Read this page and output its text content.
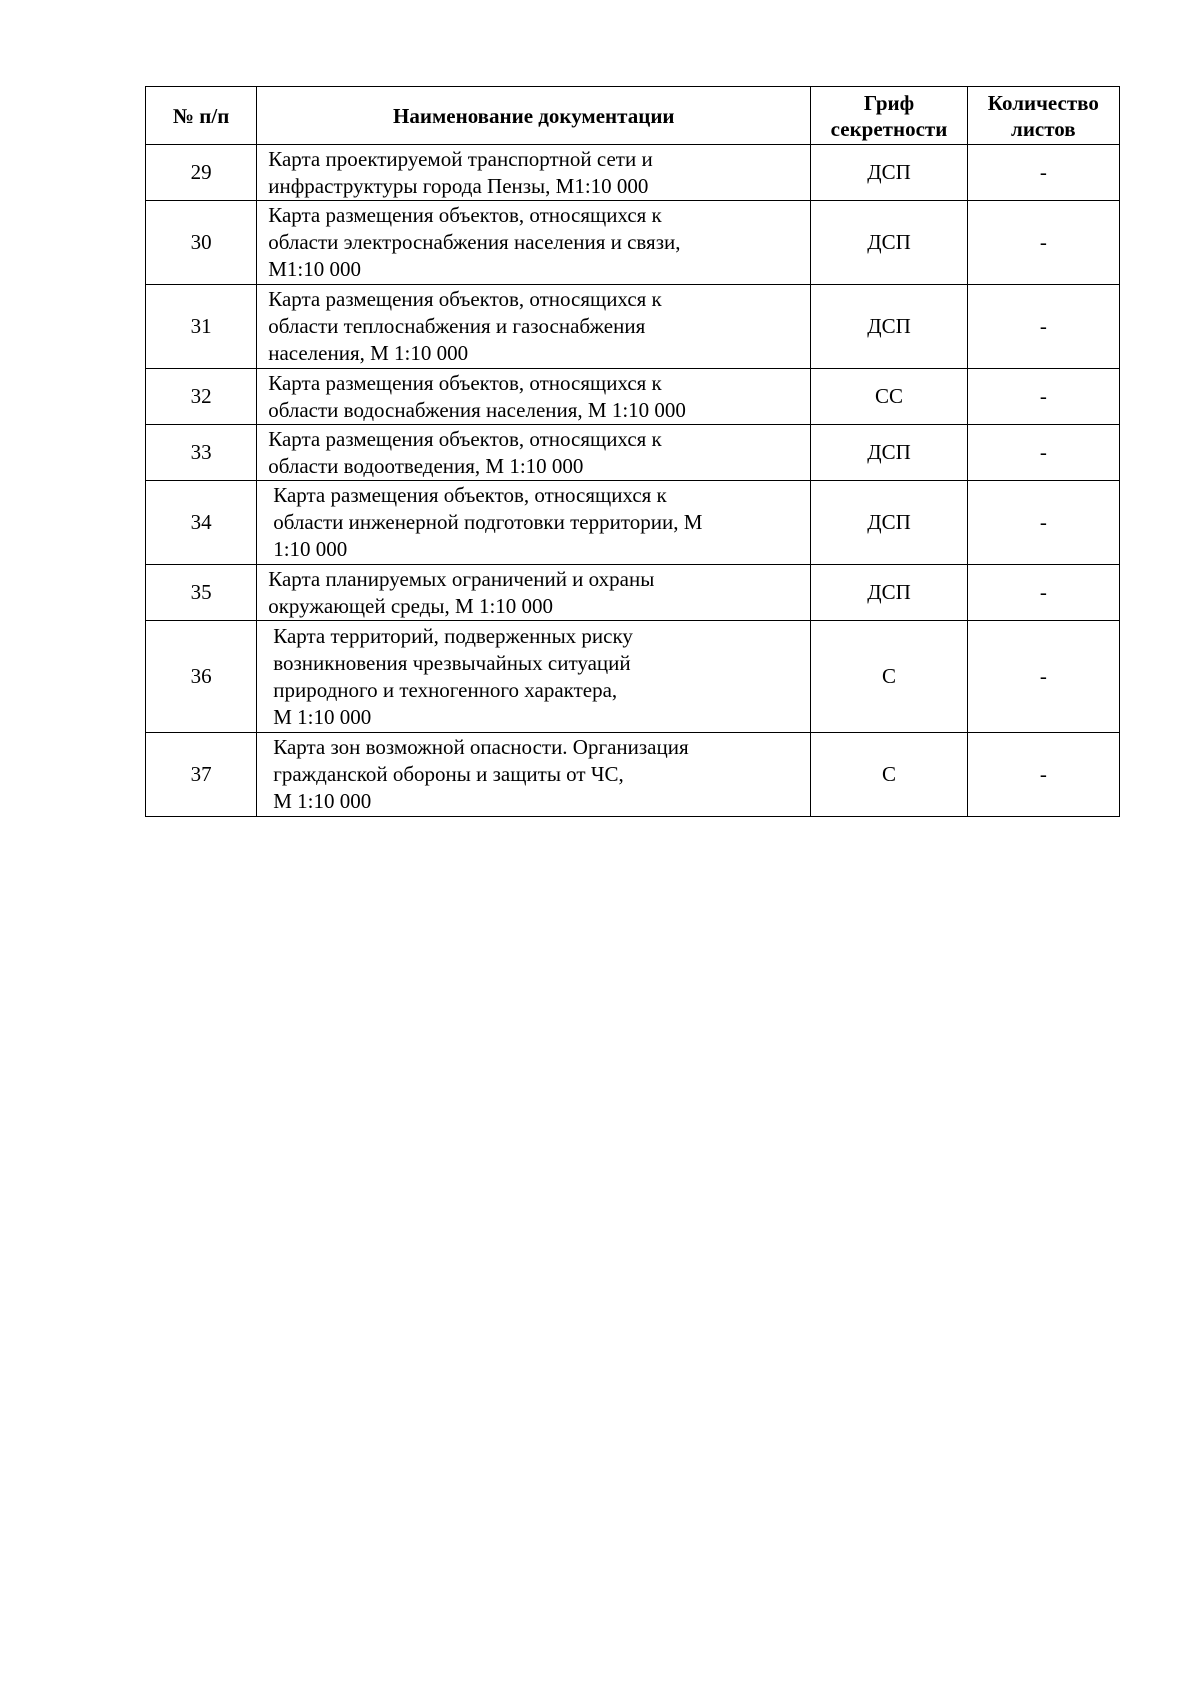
№ п/п	Наименование документации	Гриф секретности	Количество листов
29	Карта проектируемой транспортной сети и
инфраструктуры города Пензы, М1:10 000	ДСП	-
30	Карта размещения объектов, относящихся к
области электроснабжения населения и связи,
М1:10 000	ДСП	-
31	Карта размещения объектов, относящихся к
области теплоснабжения и газоснабжения
населения, М 1:10 000	ДСП	-
32	Карта размещения объектов, относящихся к
области водоснабжения населения, М 1:10 000	СС	-
33	Карта размещения объектов, относящихся к
области водоотведения, М 1:10 000	ДСП	-
34	Карта размещения объектов, относящихся к
области инженерной подготовки территории, М
1:10 000	ДСП	-
35	Карта планируемых ограничений и охраны
окружающей среды, М 1:10 000	ДСП	-
36	Карта территорий, подверженных риску
возникновения чрезвычайных ситуаций
природного и техногенного характера,
М 1:10 000	С	-
37	Карта зон возможной опасности. Организация
гражданской обороны и защиты от ЧС,
М 1:10 000	С	-
